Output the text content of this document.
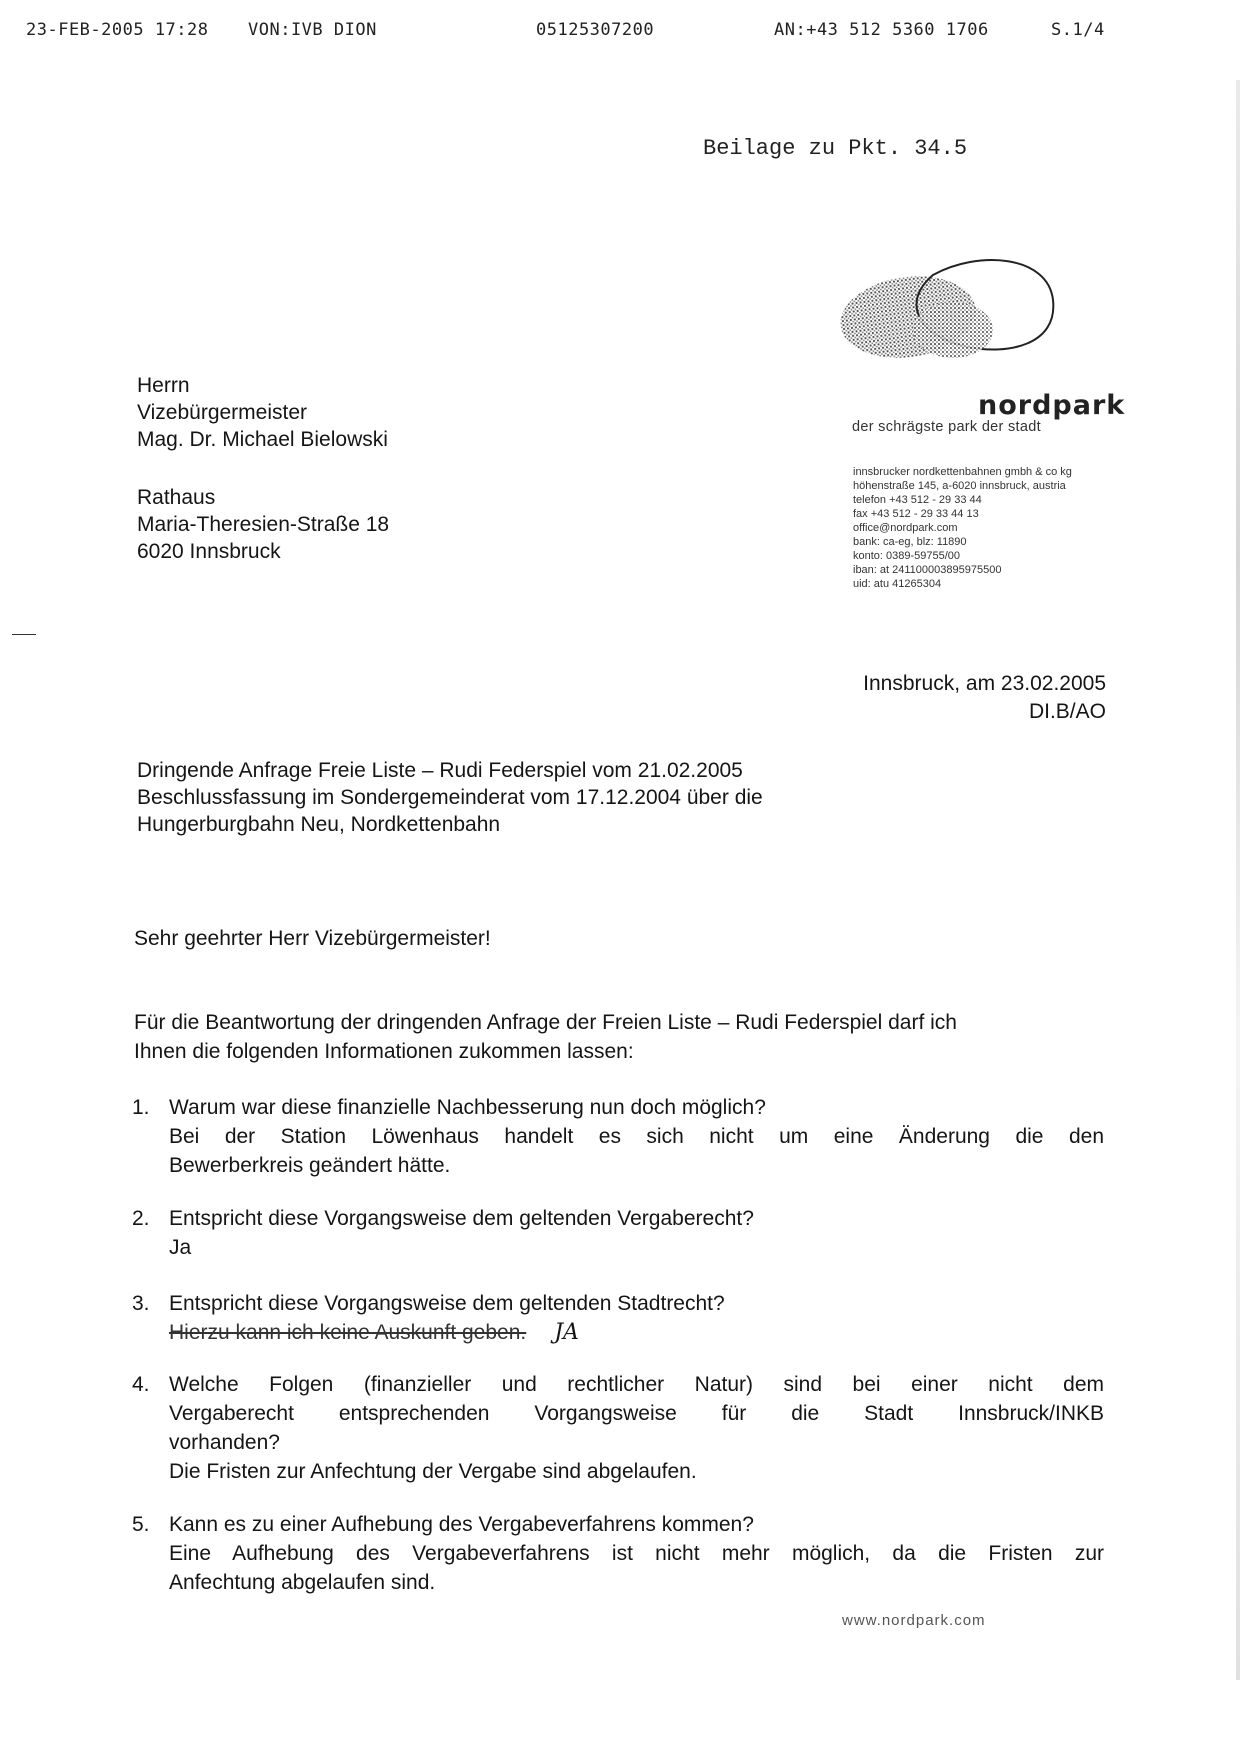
23-FEB-2005 17:28 VON:IVB DION	05125307200	AN:+43 512 5360 1706	S.1/4
Beilage zu Pkt. 34.5
nordpark
der schrägste park der stadt
innsbrucker nordkettenbahnen gmbh & co kg
höhenstraße 145, a-6020 innsbruck, austria
telefon +43 512 - 29 33 44
fax +43 512 - 29 33 44 13
office@nordpark.com
bank: ca-eg, blz: 11890
konto: 0389-59755/00
iban: at 241100003895975500
uid: atu 41265304
Herrn
Vizebürgermeister
Mag. Dr. Michael Bielowski
Rathaus
Maria-Theresien-Straße 18
6020 Innsbruck
Innsbruck, am 23.02.2005
DI.B/AO
Dringende Anfrage Freie Liste – Rudi Federspiel vom 21.02.2005
Beschlussfassung im Sondergemeinderat vom 17.12.2004 über die
Hungerburgbahn Neu, Nordkettenbahn
Sehr geehrter Herr Vizebürgermeister!
Für die Beantwortung der dringenden Anfrage der Freien Liste – Rudi Federspiel darf ich
Ihnen die folgenden Informationen zukommen lassen:
1. Warum war diese finanzielle Nachbesserung nun doch möglich?
Bei der Station Löwenhaus handelt es sich nicht um eine Änderung die den
Bewerberkreis geändert hätte.
2. Entspricht diese Vorgangsweise dem geltenden Vergaberecht?
Ja
3. Entspricht diese Vorgangsweise dem geltenden Stadtrecht?
Hierzu kann ich keine Auskunft geben. JA
4. Welche Folgen (finanzieller und rechtlicher Natur) sind bei einer nicht dem
Vergaberecht entsprechenden Vorgangsweise für die Stadt Innsbruck/INKB
vorhanden?
Die Fristen zur Anfechtung der Vergabe sind abgelaufen.
5. Kann es zu einer Aufhebung des Vergabeverfahrens kommen?
Eine Aufhebung des Vergabeverfahrens ist nicht mehr möglich, da die Fristen zur
Anfechtung abgelaufen sind.
www.nordpark.com
